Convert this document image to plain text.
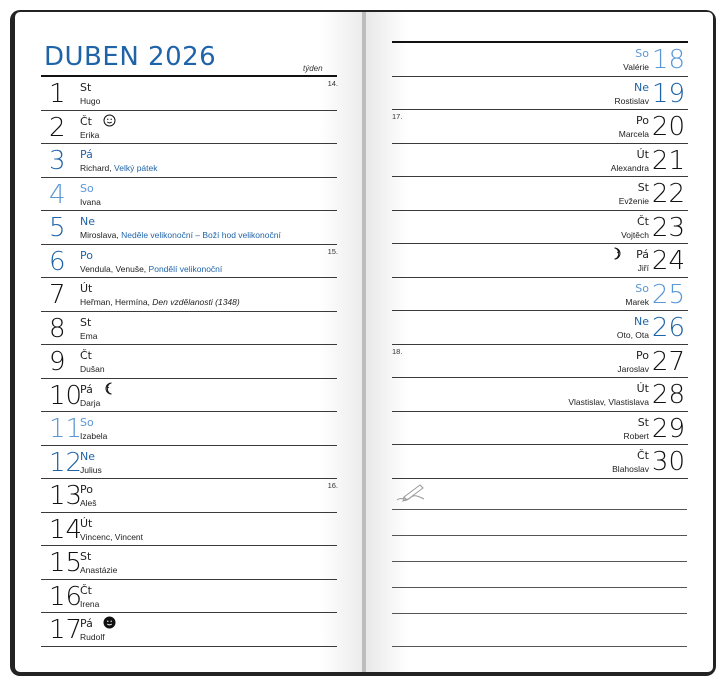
DUBEN 2026	týden
1 St
Hugo
14.
2 Čt
Erika
3 Pá
Richard, Velký pátek
4 So
Ivana
5 Ne
Miroslava, Neděle velikonoční – Boží hod velikonoční
6 Po
Vendula, Venuše, Pondělí velikonoční
15.
7 Út
Heřman, Hermína, Den vzdělanosti (1348)
8 St
Ema
9 Čt
Dušan
10
Pá
Darja
11
So
Izabela
12
Ne
Julius
13
Po
Aleš
16.
14
Út
Vincenc, Vincent
15
St
Anastázie
16
Čt
Irena
17
Pá
Rudolf
18
So
Valérie
19
Ne
Rostislav
20
Po
Marcela
17.
21
Út
Alexandra
22
St
Evženie
23
Čt
Vojtěch
24
Pá
Jiří
25
So
Marek
26
Ne
Oto, Ota
27
Po
Jaroslav
18.
28
Út
Vlastislav, Vlastislava
29
St
Robert
30
Čt
Blahoslav
